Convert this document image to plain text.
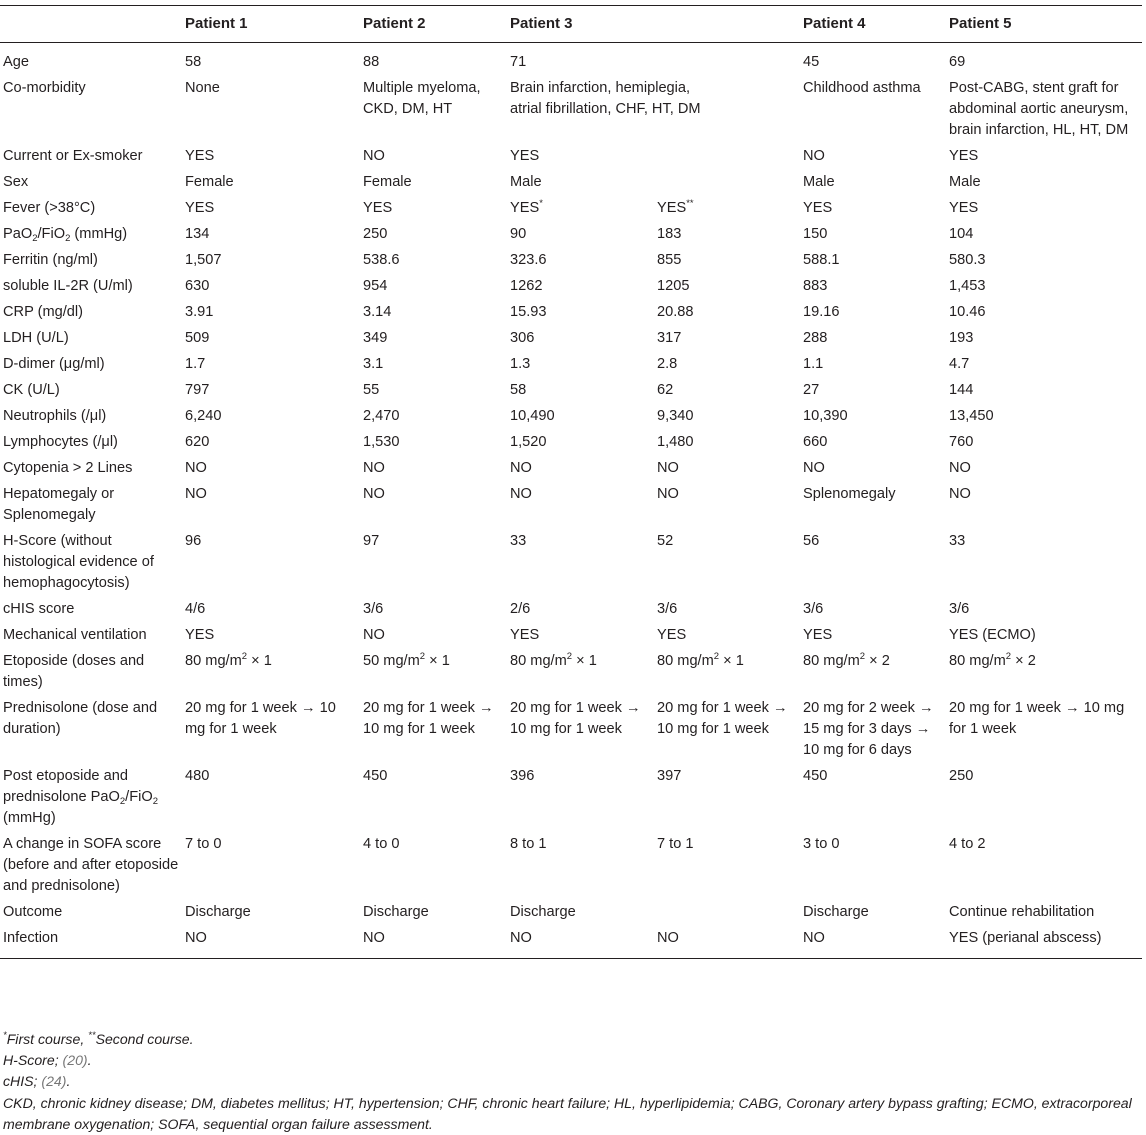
	Patient 1	Patient 2	Patient 3		Patient 4	Patient 5
Age	58	88	71		45	69
Co-morbidity	None	Multiple myeloma, CKD, DM, HT	Brain infarction, hemiplegia, atrial fibrillation, CHF, HT, DM		Childhood asthma	Post-CABG, stent graft for abdominal aortic aneurysm, brain infarction, HL, HT, DM
Current or Ex-smoker	YES	NO	YES		NO	YES
Sex	Female	Female	Male		Male	Male
Fever (>38°C)	YES	YES	YES*	YES**	YES	YES
PaO$_2$/FiO$_2$ (mmHg)	134	250	90	183	150	104
Ferritin (ng/ml)	1,507	538.6	323.6	855	588.1	580.3
soluble IL-2R (U/ml)	630	954	1262	1205	883	1,453
CRP (mg/dl)	3.91	3.14	15.93	20.88	19.16	10.46
LDH (U/L)	509	349	306	317	288	193
D-dimer (μg/ml)	1.7	3.1	1.3	2.8	1.1	4.7
CK (U/L)	797	55	58	62	27	144
Neutrophils (/μl)	6,240	2,470	10,490	9,340	10,390	13,450
Lymphocytes (/μl)	620	1,530	1,520	1,480	660	760
Cytopenia > 2 Lines	NO	NO	NO	NO	NO	NO
Hepatomegaly or Splenomegaly	NO	NO	NO	NO	Splenomegaly	NO
H-Score (without histological evidence of hemophagocytosis)	96	97	33	52	56	33
cHIS score	4/6	3/6	2/6	3/6	3/6	3/6
Mechanical ventilation	YES	NO	YES	YES	YES	YES (ECMO)
Etoposide (doses and times)	80 $mg/m^2 \times 1$	50 $mg/m^2 \times 1$	80 $mg/m^2 \times 1$	80 $mg/m^2 \times 1$	80 $mg/m^2 \times 2$	80 $mg/m^2 \times 2$
Prednisolone (dose and duration)	20 mg for 1 week → 10 mg for 1 week	20 mg for 1 week → 10 mg for 1 week	20 mg for 1 week → 10 mg for 1 week	20 mg for 1 week → 10 mg for 1 week	20 mg for 2 week → 15 mg for 3 days → 10 mg for 6 days	20 mg for 1 week → 10 mg for 1 week
Post etoposide and prednisolone PaO$_2$/FiO$_2$ (mmHg)	480	450	396	397	450	250
A change in SOFA score (before and after etoposide and prednisolone)	7 to 0	4 to 0	8 to 1	7 to 1	3 to 0	4 to 2
Outcome	Discharge	Discharge	Discharge		Discharge	Continue rehabilitation
Infection	NO	NO	NO	NO	NO	YES (perianal abscess)

*First course, **Second course.

H-Score; (20).

cHIS; (24).

CKD, chronic kidney disease; DM, diabetes mellitus; HT, hypertension; CHF, chronic heart failure; HL, hyperlipidemia; CABG, Coronary artery bypass grafting; ECMO, extracorporeal membrane oxygenation; SOFA, sequential organ failure assessment.
